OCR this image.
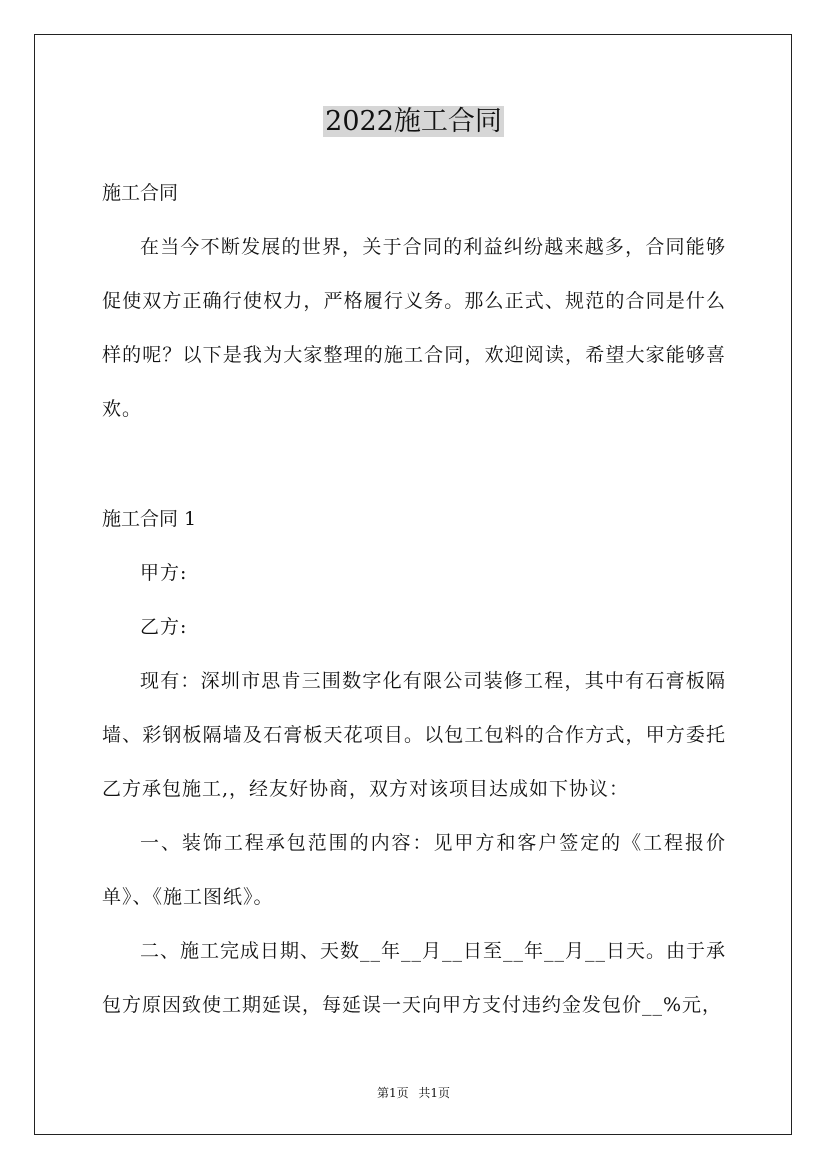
2022施工合同
施工合同
在当今不断发展的世界，关于合同的利益纠纷越来越多，合同能够促使双方正确行使权力，严格履行义务。那么正式、规范的合同是什么样的呢？以下是我为大家整理的施工合同，欢迎阅读，希望大家能够喜欢。
施工合同 1
甲方:
乙方:
现有：深圳市思肯三围数字化有限公司装修工程，其中有石膏板隔墙、彩钢板隔墙及石膏板天花项目。以包工包料的合作方式，甲方委托乙方承包施工,，经友好协商，双方对该项目达成如下协议：
一、装饰工程承包范围的内容：见甲方和客户签定的《工程报价单》、《施工图纸》。
二、施工完成日期、天数__年__月__日至__年__月__日天。由于承包方原因致使工期延误，每延误一天向甲方支付违约金发包价__%元，
第1页 共1页
